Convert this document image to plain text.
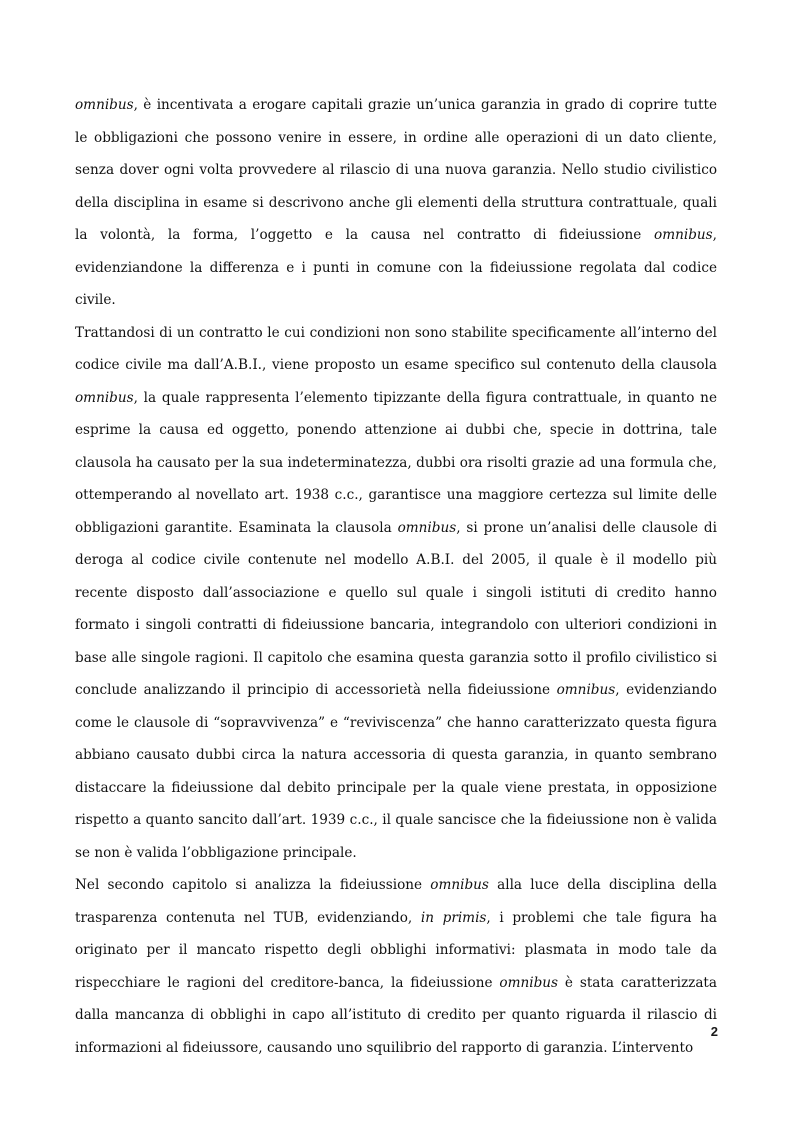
omnibus, è incentivata a erogare capitali grazie un’unica garanzia in grado di coprire tutte le obbligazioni che possono venire in essere, in ordine alle operazioni di un dato cliente, senza dover ogni volta provvedere al rilascio di una nuova garanzia. Nello studio civilistico della disciplina in esame si descrivono anche gli elementi della struttura contrattuale, quali la volontà, la forma, l’oggetto e la causa nel contratto di fideiussione omnibus, evidenziandone la differenza e i punti in comune con la fideiussione regolata dal codice civile.

Trattandosi di un contratto le cui condizioni non sono stabilite specificamente all’interno del codice civile ma dall’A.B.I., viene proposto un esame specifico sul contenuto della clausola omnibus, la quale rappresenta l’elemento tipizzante della figura contrattuale, in quanto ne esprime la causa ed oggetto, ponendo attenzione ai dubbi che, specie in dottrina, tale clausola ha causato per la sua indeterminatezza, dubbi ora risolti grazie ad una formula che, ottemperando al novellato art. 1938 c.c., garantisce una maggiore certezza sul limite delle obbligazioni garantite. Esaminata la clausola omnibus, si prone un’analisi delle clausole di deroga al codice civile contenute nel modello A.B.I. del 2005, il quale è il modello più recente disposto dall’associazione e quello sul quale i singoli istituti di credito hanno formato i singoli contratti di fideiussione bancaria, integrandolo con ulteriori condizioni in base alle singole ragioni. Il capitolo che esamina questa garanzia sotto il profilo civilistico si conclude analizzando il principio di accessorietà nella fideiussione omnibus, evidenziando come le clausole di “sopravvivenza” e “reviviscenza” che hanno caratterizzato questa figura abbiano causato dubbi circa la natura accessoria di questa garanzia, in quanto sembrano distaccare la fideiussione dal debito principale per la quale viene prestata, in opposizione rispetto a quanto sancito dall’art. 1939 c.c., il quale sancisce che la fideiussione non è valida se non è valida l’obbligazione principale.

Nel secondo capitolo si analizza la fideiussione omnibus alla luce della disciplina della trasparenza contenuta nel TUB, evidenziando, in primis, i problemi che tale figura ha originato per il mancato rispetto degli obblighi informativi: plasmata in modo tale da rispecchiare le ragioni del creditore-banca, la fideiussione omnibus è stata caratterizzata dalla mancanza di obblighi in capo all’istituto di credito per quanto riguarda il rilascio di informazioni al fideiussore, causando uno squilibrio del rapporto di garanzia. L’intervento

2
